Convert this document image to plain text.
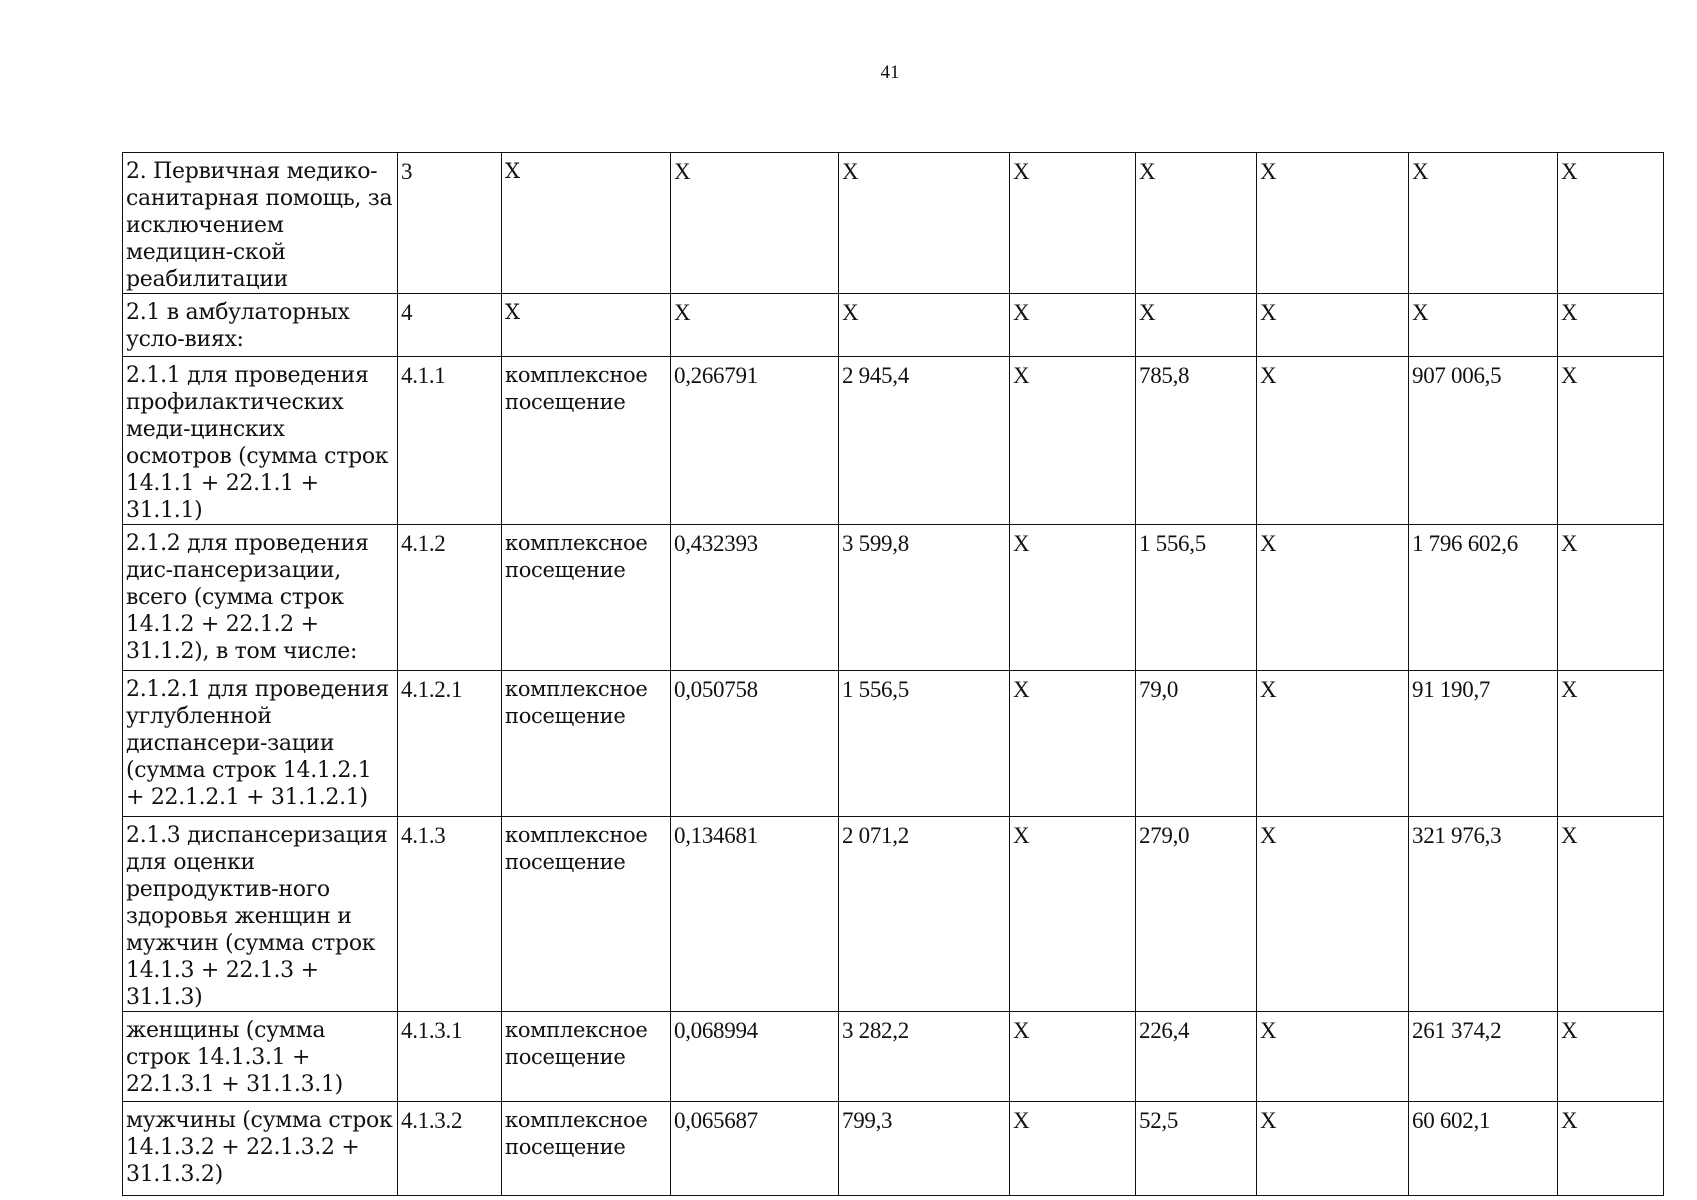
41
2. Первичная медико-санитарная помощь, за исключением медицин-ской реабилитации	3	X	X	X	X	X	X	X	X
2.1 в амбулаторных усло-виях:	4	X	X	X	X	X	X	X	X
2.1.1 для проведения профилактических меди-цинских осмотров (сумма строк 14.1.1 + 22.1.1 + 31.1.1)	4.1.1	комплексное посещение	0,266791	2 945,4	X	785,8	X	907 006,5	X
2.1.2 для проведения дис-пансеризации, всего (сумма строк 14.1.2 + 22.1.2 + 31.1.2), в том числе:	4.1.2	комплексное посещение	0,432393	3 599,8	X	1 556,5	X	1 796 602,6	X
2.1.2.1 для проведения углубленной диспансери-зации (сумма строк 14.1.2.1 + 22.1.2.1 + 31.1.2.1)	4.1.2.1	комплексное посещение	0,050758	1 556,5	X	79,0	X	91 190,7	X
2.1.3 диспансеризация для оценки репродуктив-ного здоровья женщин и мужчин (сумма строк 14.1.3 + 22.1.3 + 31.1.3)	4.1.3	комплексное посещение	0,134681	2 071,2	X	279,0	X	321 976,3	X
женщины (сумма строк 14.1.3.1 + 22.1.3.1 + 31.1.3.1)	4.1.3.1	комплексное посещение	0,068994	3 282,2	X	226,4	X	261 374,2	X
мужчины (сумма строк 14.1.3.2 + 22.1.3.2 + 31.1.3.2)	4.1.3.2	комплексное посещение	0,065687	799,3	X	52,5	X	60 602,1	X
